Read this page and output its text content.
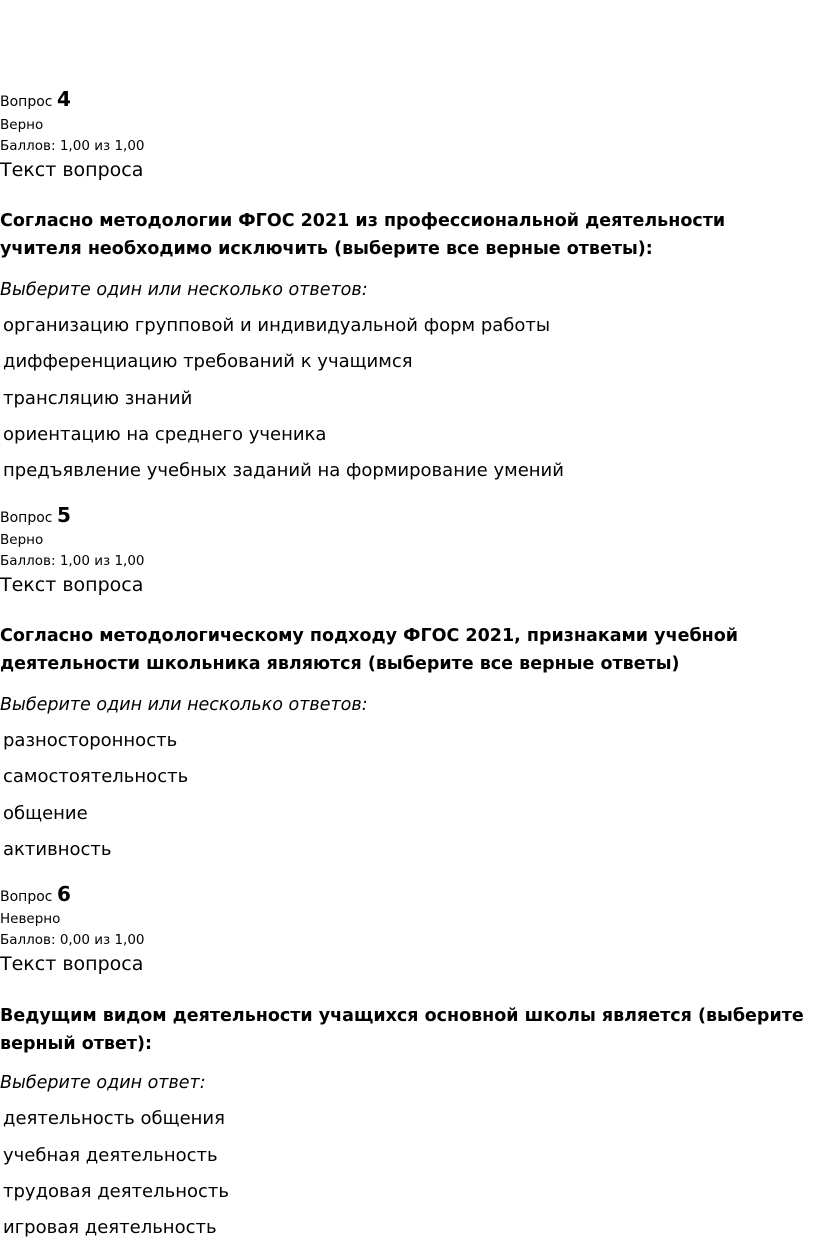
Вопрос 4
Верно
Баллов: 1,00 из 1,00
Текст вопроса
Согласно методологии ФГОС 2021 из профессиональной деятельности учителя необходимо исключить (выберите все верные ответы):
Выберите один или несколько ответов:
организацию групповой и индивидуальной форм работы
дифференциацию требований к учащимся
трансляцию знаний
ориентацию на среднего ученика
предъявление учебных заданий на формирование умений
Вопрос 5
Верно
Баллов: 1,00 из 1,00
Текст вопроса
Согласно методологическому подходу ФГОС 2021, признаками учебной деятельности школьника являются (выберите все верные ответы)
Выберите один или несколько ответов:
разносторонность
самостоятельность
общение
активность
Вопрос 6
Неверно
Баллов: 0,00 из 1,00
Текст вопроса
Ведущим видом деятельности учащихся основной школы является (выберите верный ответ):
Выберите один ответ:
деятельность общения
учебная деятельность
трудовая деятельность
игровая деятельность
